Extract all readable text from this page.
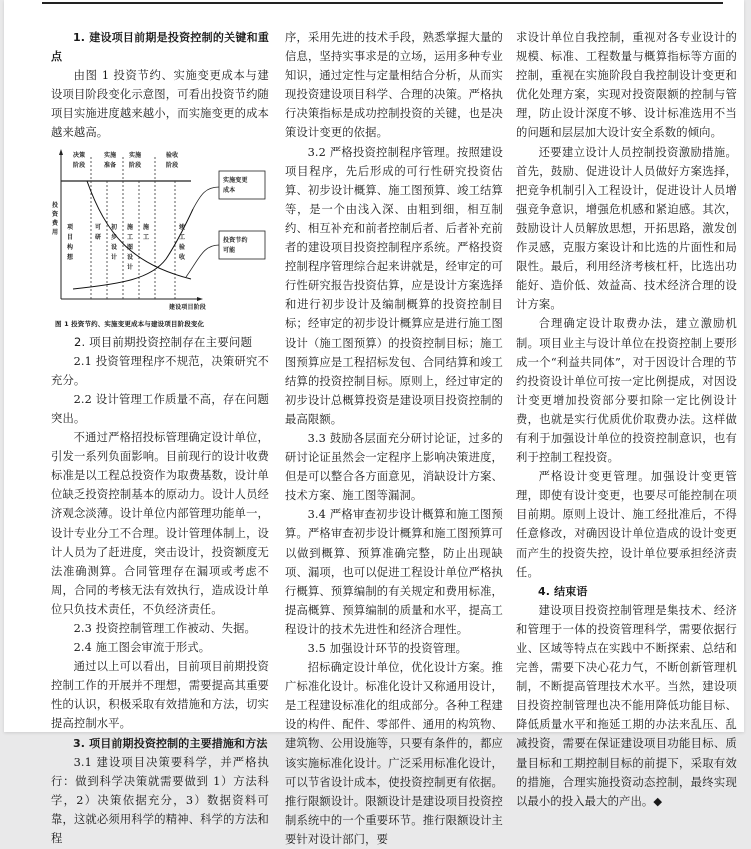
1. 建设项目前期是投资控制的关键和重点

由图 1 投资节约、实施变更成本与建设项目阶段变化示意图，可看出投资节约随项目实施进度越来越小，而实施变更的成本越来越高。

投资费用
决策阶段
实施准备
实施阶段
验收阶段
项目构想
可研
初步设计
施工图设计
施工
竣工验收
实施变更成本
投资节约可能
建设项目阶段

图 1 投资节约、实施变更成本与建设项目阶段变化

2. 项目前期投资控制存在主要问题

2.1 投资管理程序不规范，决策研究不充分。

2.2 设计管理工作质量不高，存在问题突出。

不通过严格招投标管理确定设计单位，引发一系列负面影响。目前现行的设计收费标准是以工程总投资作为取费基数，设计单位缺乏投资控制基本的原动力。设计人员经济观念淡薄。设计单位内部管理功能单一，设计专业分工不合理。设计管理体制上，设计人员为了赶进度，突击设计，投资额度无法准确测算。合同管理存在漏项或考虑不周，合同的考核无法有效执行，造成设计单位只负技术责任，不负经济责任。

2.3 投资控制管理工作被动、失据。

2.4 施工图会审流于形式。

通过以上可以看出，目前项目前期投资控制工作的开展并不理想，需要提高其重要性的认识，积极采取有效措施和方法，切实提高控制水平。

3. 项目前期投资控制的主要措施和方法

3.1 建设项目决策要科学，并严格执行：做到科学决策就需要做到 1）方法科学，2）决策依据充分，3）数据资料可靠，这就必须用科学的精神、科学的方法和程

序，采用先进的技术手段，熟悉掌握大量的信息，坚持实事求是的立场，运用多种专业知识，通过定性与定量相结合分析，从而实现投资建设项目科学、合理的决策。严格执行决策指标是成功控制投资的关键，也是决策设计变更的依据。

3.2 严格投资控制程序管理。按照建设项目程序，先后形成的可行性研究投资估算、初步设计概算、施工图预算、竣工结算等，是一个由浅入深、由粗到细，相互制约、相互补充和前者控制后者、后者补充前者的建设项目投资控制程序系统。严格投资控制程序管理综合起来讲就是，经审定的可行性研究报告投资估算，应是设计方案选择和进行初步设计及编制概算的投资控制目标；经审定的初步设计概算应是进行施工图设计（施工图预算）的投资控制目标；施工图预算应是工程招标发包、合同结算和竣工结算的投资控制目标。原则上，经过审定的初步设计总概算投资是建设项目投资控制的最高限额。

3.3 鼓励各层面充分研讨论证，过多的研讨论证虽然会一定程序上影响决策进度，但是可以整合各方面意见，消缺设计方案、技术方案、施工图等漏洞。

3.4 严格审查初步设计概算和施工图预算。严格审查初步设计概算和施工图预算可以做到概算、预算准确完整，防止出现缺项、漏项，也可以促进工程设计单位严格执行概算、预算编制的有关规定和费用标准，提高概算、预算编制的质量和水平，提高工程设计的技术先进性和经济合理性。

3.5 加强设计环节的投资管理。

招标确定设计单位，优化设计方案。推广标准化设计。标准化设计又称通用设计，是工程建设标准化的组成部分。各种工程建设的构件、配件、零部件、通用的构筑物、建筑物、公用设施等，只要有条件的，都应该实施标准化设计。广泛采用标准化设计，可以节省设计成本，使投资控制更有依据。推行限额设计。限额设计是建设项目投资控制系统中的一个重要环节。推行限额设计主要针对设计部门，要

求设计单位自我控制，重视对各专业设计的规模、标准、工程数量与概算指标等方面的控制，重视在实施阶段自我控制设计变更和优化处理方案，实现对投资限额的控制与管理，防止设计深度不够、设计标准选用不当的问题和层层加大设计安全系数的倾向。

还要建立设计人员控制投资激励措施。首先，鼓励、促进设计人员做好方案选择，把竞争机制引入工程设计，促进设计人员增强竞争意识，增强危机感和紧迫感。其次，鼓励设计人员解放思想，开拓思路，激发创作灵感，克服方案设计和比选的片面性和局限性。最后，利用经济考核杠杆，比选出功能好、造价低、效益高、技术经济合理的设计方案。

合理确定设计取费办法，建立激励机制。项目业主与设计单位在投资控制上要形成一个“利益共同体”，对于因设计合理的节约投资设计单位可按一定比例提成，对因设计变更增加投资部分要扣除一定比例设计费，也就是实行优质优价取费办法。这样做有利于加强设计单位的投资控制意识，也有利于控制工程投资。

严格设计变更管理。加强设计变更管理，即使有设计变更，也要尽可能控制在项目前期。原则上设计、施工经批准后，不得任意修改，对确因设计单位造成的设计变更而产生的投资失控，设计单位要承担经济责任。

4. 结束语

建设项目投资控制管理是集技术、经济和管理于一体的投资管理科学，需要依据行业、区域等特点在实践中不断探索、总结和完善，需要下决心花力气，不断创新管理机制，不断提高管理技术水平。当然，建设项目投资控制管理也决不能用降低功能目标、降低质量水平和拖延工期的办法来乱压、乱减投资，需要在保证建设项目功能目标、质量目标和工期控制目标的前提下，采取有效的措施，合理实施投资动态控制，最终实现以最小的投入最大的产出。◆
